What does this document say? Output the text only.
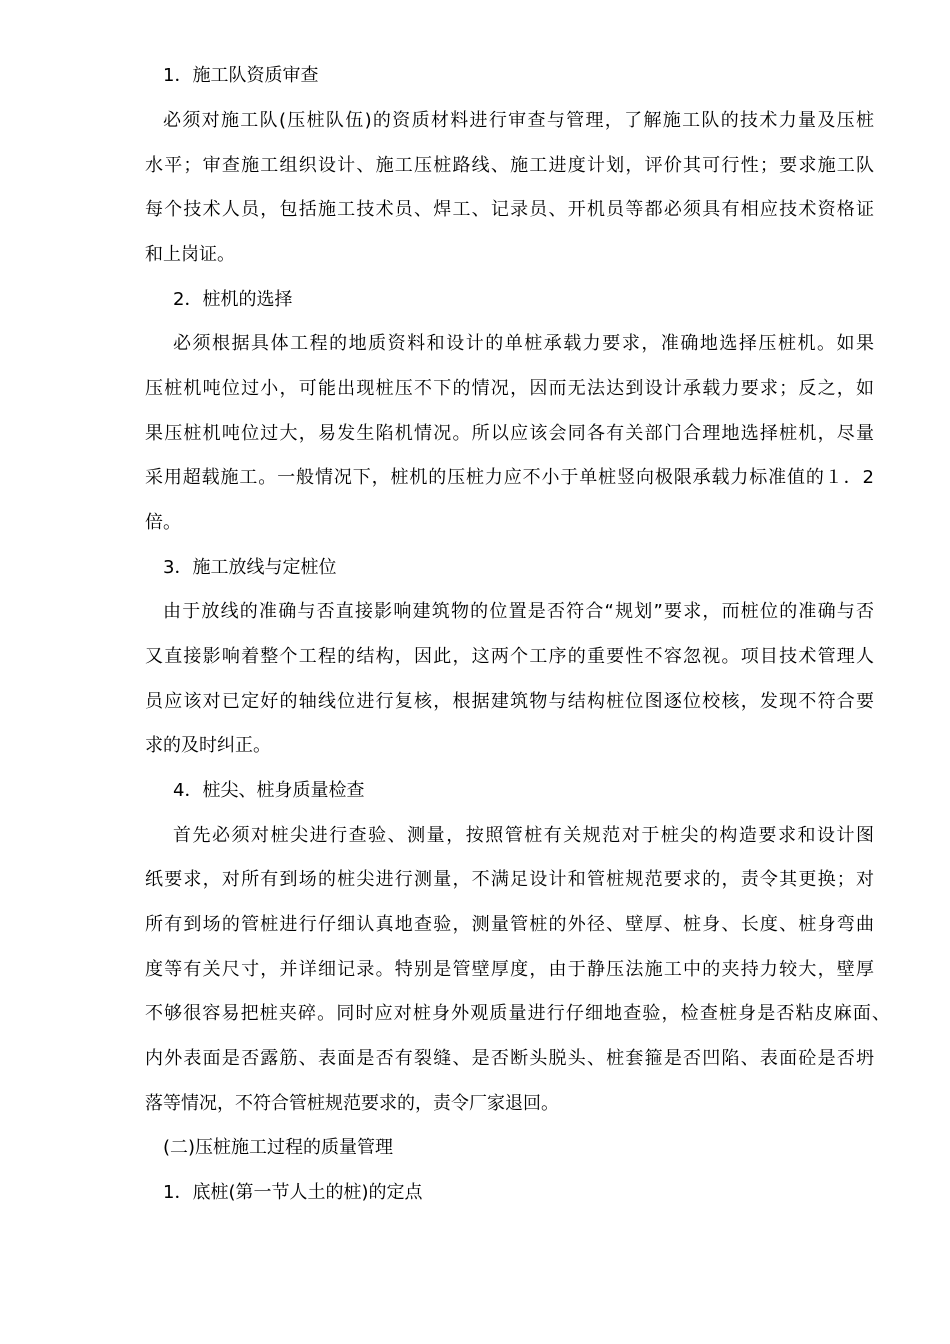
1．施工队资质审查
必须对施工队(压桩队伍)的资质材料进行审查与管理，了解施工队的技术力量及压桩
水平；审查施工组织设计、施工压桩路线、施工进度计划，评价其可行性；要求施工队
每个技术人员，包括施工技术员、焊工、记录员、开机员等都必须具有相应技术资格证
和上岗证。
2．桩机的选择
必须根据具体工程的地质资料和设计的单桩承载力要求，准确地选择压桩机。如果
压桩机吨位过小，可能出现桩压不下的情况，因而无法达到设计承载力要求；反之，如
果压桩机吨位过大，易发生陷机情况。所以应该会同各有关部门合理地选择桩机，尽量
采用超载施工。一般情况下，桩机的压桩力应不小于单桩竖向极限承载力标准值的１．2
倍。
3．施工放线与定桩位
由于放线的准确与否直接影响建筑物的位置是否符合“规划”要求，而桩位的准确与否
又直接影响着整个工程的结构，因此，这两个工序的重要性不容忽视。项目技术管理人
员应该对已定好的轴线位进行复核，根据建筑物与结构桩位图逐位校核，发现不符合要
求的及时纠正。
4．桩尖、桩身质量检查
首先必须对桩尖进行查验、测量，按照管桩有关规范对于桩尖的构造要求和设计图
纸要求，对所有到场的桩尖进行测量，不满足设计和管桩规范要求的，责令其更换；对
所有到场的管桩进行仔细认真地查验，测量管桩的外径、壁厚、桩身、长度、桩身弯曲
度等有关尺寸，并详细记录。特别是管壁厚度，由于静压法施工中的夹持力较大，壁厚
不够很容易把桩夹碎。同时应对桩身外观质量进行仔细地查验，检查桩身是否粘皮麻面、
内外表面是否露筋、表面是否有裂缝、是否断头脱头、桩套箍是否凹陷、表面砼是否坍
落等情况，不符合管桩规范要求的，责令厂家退回。
(二)压桩施工过程的质量管理
1．底桩(第一节人土的桩)的定点
